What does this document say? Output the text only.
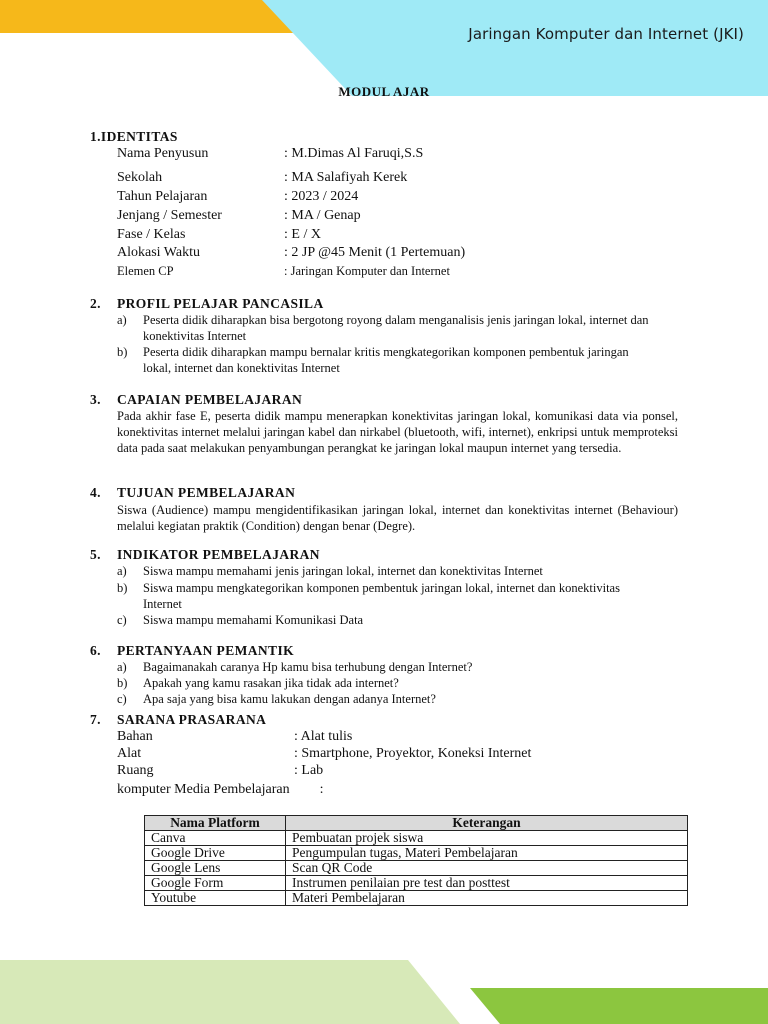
Jaringan Komputer dan Internet (JKI)
MODUL AJAR
1.IDENTITAS
Nama Penyusun	: M.Dimas Al Faruqi,S.S
Sekolah	: MA Salafiyah Kerek
Tahun Pelajaran	: 2023 / 2024
Jenjang / Semester	: MA / Genap
Fase / Kelas	: E / X
Alokasi Waktu	: 2 JP @45 Menit (1 Pertemuan)
Elemen CP	: Jaringan Komputer dan Internet
2. PROFIL PELAJAR PANCASILA
a) Peserta didik diharapkan bisa bergotong royong dalam menganalisis jenis jaringan lokal, internet dan konektivitas Internet
b) Peserta didik diharapkan mampu bernalar kritis mengkategorikan komponen pembentuk jaringan lokal, internet dan konektivitas Internet
3. CAPAIAN PEMBELAJARAN
Pada akhir fase E, peserta didik mampu menerapkan konektivitas jaringan lokal, komunikasi data via ponsel, konektivitas internet melalui jaringan kabel dan nirkabel (bluetooth, wifi, internet), enkripsi untuk memproteksi data pada saat melakukan penyambungan perangkat ke jaringan lokal maupun internet yang tersedia.
4. TUJUAN PEMBELAJARAN
Siswa (Audience) mampu mengidentifikasikan jaringan lokal, internet dan konektivitas internet (Behaviour) melalui kegiatan praktik (Condition) dengan benar (Degre).
5. INDIKATOR PEMBELAJARAN
a) Siswa mampu memahami jenis jaringan lokal, internet dan konektivitas Internet
b) Siswa mampu mengkategorikan komponen pembentuk jaringan lokal, internet dan konektivitas Internet
c) Siswa mampu memahami Komunikasi Data
6. PERTANYAAN PEMANTIK
a) Bagaimanakah caranya Hp kamu bisa terhubung dengan Internet?
b) Apakah yang kamu rasakan jika tidak ada internet?
c) Apa saja yang bisa kamu lakukan dengan adanya Internet?
7. SARANA PRASARANA
Bahan	: Alat tulis
Alat	: Smartphone, Proyektor, Koneksi Internet
Ruang	: Lab
komputer Media Pembelajaran :
Nama Platform	Keterangan
Canva	Pembuatan projek siswa
Google Drive	Pengumpulan tugas, Materi Pembelajaran
Google Lens	Scan QR Code
Google Form	Instrumen penilaian pre test dan posttest
Youtube	Materi Pembelajaran
